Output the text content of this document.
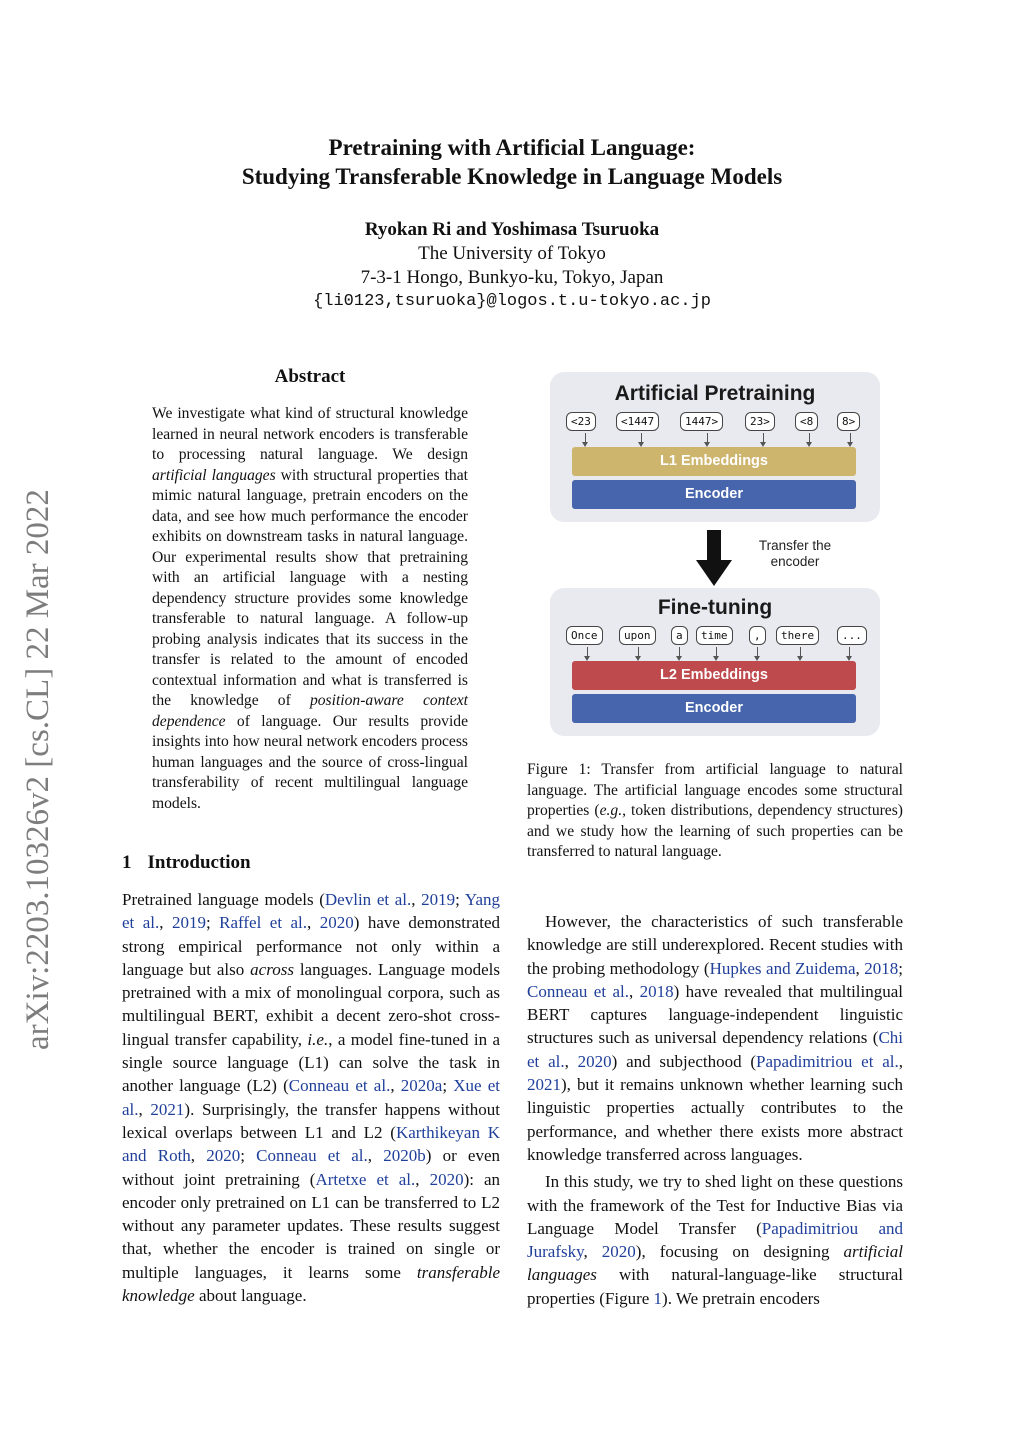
Pretraining with Artificial Language:
Studying Transferable Knowledge in Language Models
Ryokan Ri and Yoshimasa Tsuruoka
The University of Tokyo
7-3-1 Hongo, Bunkyo-ku, Tokyo, Japan
{li0123,tsuruoka}@logos.t.u-tokyo.ac.jp
arXiv:2203.10326v2 [cs.CL] 22 Mar 2022
Abstract
We investigate what kind of structural knowledge learned in neural network encoders is transferable to processing natural language. We design artificial languages with structural properties that mimic natural language, pretrain encoders on the data, and see how much performance the encoder exhibits on downstream tasks in natural language. Our experimental results show that pretraining with an artificial language with a nesting dependency structure provides some knowledge transferable to natural language. A follow-up probing analysis indicates that its success in the transfer is related to the amount of encoded contextual information and what is transferred is the knowledge of position-aware context dependence of language. Our results provide insights into how neural network encoders process human languages and the source of cross-lingual transferability of recent multilingual language models.
1 Introduction

Pretrained language models (Devlin et al., 2019; Yang et al., 2019; Raffel et al., 2020) have demonstrated strong empirical performance not only within a language but also across languages. Language models pretrained with a mix of monolingual corpora, such as multilingual BERT, exhibit a decent zero-shot cross-lingual transfer capability, i.e., a model fine-tuned in a single source language (L1) can solve the task in another language (L2) (Conneau et al., 2020a; Xue et al., 2021). Surprisingly, the transfer happens without lexical overlaps between L1 and L2 (Karthikeyan K and Roth, 2020; Conneau et al., 2020b) or even without joint pretraining (Artetxe et al., 2020): an encoder only pretrained on L1 can be transferred to L2 without any parameter updates. These results suggest that, whether the encoder is trained on single or multiple languages, it learns some transferable knowledge about language.

Artificial Pretraining
<23	<1447	1447>	23>	<8	8>
L1 Embeddings
Encoder
Transfer the encoder
Fine-tuning
Once	upon	a	time	,	there	...
L2 Embeddings
Encoder
Figure 1: Transfer from artificial language to natural language. The artificial language encodes some structural properties (e.g., token distributions, dependency structures) and we study how the learning of such properties can be transferred to natural language.

However, the characteristics of such transferable knowledge are still underexplored. Recent studies with the probing methodology (Hupkes and Zuidema, 2018; Conneau et al., 2018) have revealed that multilingual BERT captures language-independent linguistic structures such as universal dependency relations (Chi et al., 2020) and subjecthood (Papadimitriou et al., 2021), but it remains unknown whether learning such linguistic properties actually contributes to the performance, and whether there exists more abstract knowledge transferred across languages.

In this study, we try to shed light on these questions with the framework of the Test for Inductive Bias via Language Model Transfer (Papadimitriou and Jurafsky, 2020), focusing on designing artificial languages with natural-language-like structural properties (Figure 1). We pretrain encoders
